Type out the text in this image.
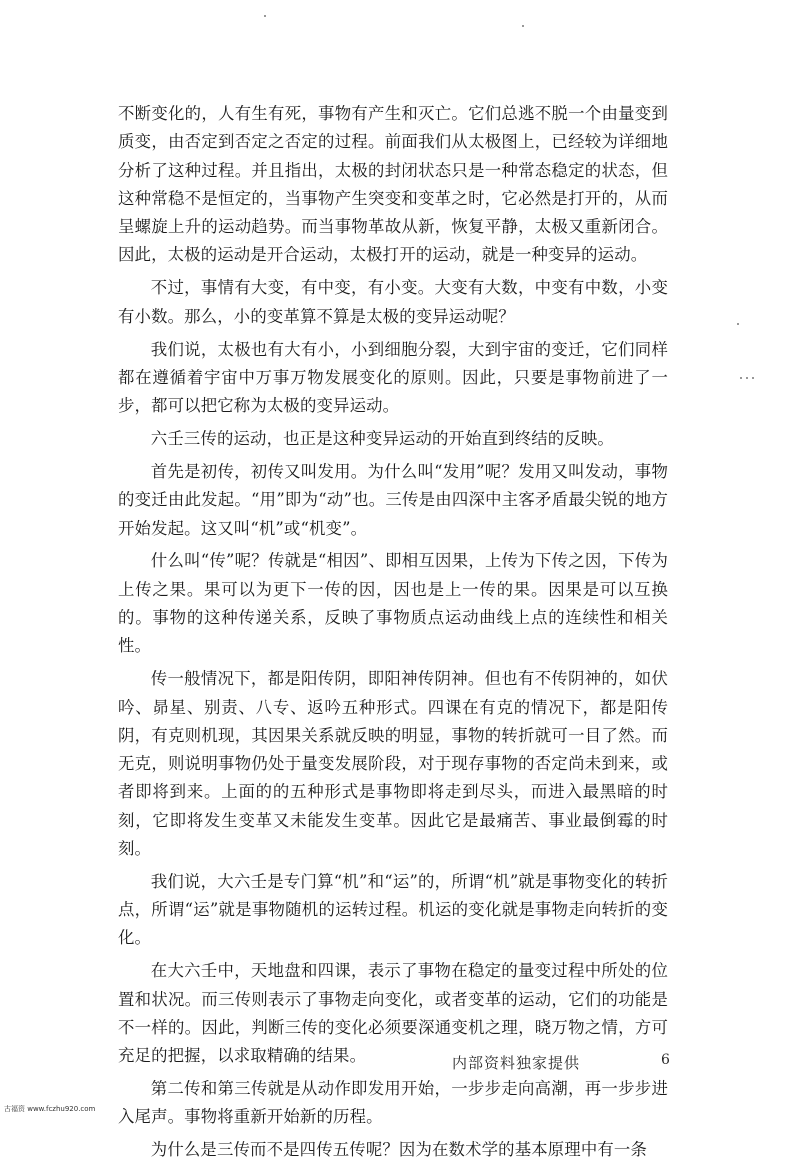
不断变化的，人有生有死，事物有产生和灭亡。它们总逃不脱一个由量变到质变，由否定到否定之否定的过程。前面我们从太极图上，已经较为详细地分析了这种过程。并且指出，太极的封闭状态只是一种常态稳定的状态，但这种常稳不是恒定的，当事物产生突变和变革之时，它必然是打开的，从而呈螺旋上升的运动趋势。而当事物革故从新，恢复平静，太极又重新闭合。因此，太极的运动是开合运动，太极打开的运动，就是一种变异的运动。

不过，事情有大变，有中变，有小变。大变有大数，中变有中数，小变有小数。那么，小的变革算不算是太极的变异运动呢？

我们说，太极也有大有小，小到细胞分裂，大到宇宙的变迁，它们同样都在遵循着宇宙中万事万物发展变化的原则。因此，只要是事物前进了一步，都可以把它称为太极的变异运动。

六壬三传的运动，也正是这种变异运动的开始直到终结的反映。

首先是初传，初传又叫发用。为什么叫“发用”呢？发用又叫发动，事物的变迁由此发起。“用”即为“动”也。三传是由四深中主客矛盾最尖锐的地方开始发起。这又叫“机”或“机变”。

什么叫“传”呢？传就是“相因”、即相互因果，上传为下传之因，下传为上传之果。果可以为更下一传的因，因也是上一传的果。因果是可以互换的。事物的这种传递关系，反映了事物质点运动曲线上点的连续性和相关性。

传一般情况下，都是阳传阴，即阳神传阴神。但也有不传阴神的，如伏吟、昴星、别责、八专、返吟五种形式。四课在有克的情况下，都是阳传阴，有克则机现，其因果关系就反映的明显，事物的转折就可一目了然。而无克，则说明事物仍处于量变发展阶段，对于现存事物的否定尚未到来，或者即将到来。上面的的五种形式是事物即将走到尽头，而进入最黑暗的时刻，它即将发生变革又未能发生变革。因此它是最痛苦、事业最倒霉的时刻。

我们说，大六壬是专门算“机”和“运”的，所谓“机”就是事物变化的转折点，所谓“运”就是事物随机的运转过程。机运的变化就是事物走向转折的变化。

在大六壬中，天地盘和四课，表示了事物在稳定的量变过程中所处的位置和状况。而三传则表示了事物走向变化，或者变革的运动，它们的功能是不一样的。因此，判断三传的变化必须要深通变机之理，晓万物之情，方可充足的把握，以求取精确的结果。

第二传和第三传就是从动作即发用开始，一步步走向高潮，再一步步进入尾声。事物将重新开始新的历程。

为什么是三传而不是四传五传呢？因为在数术学的基本原理中有一条

内部资料独家提供	6
古福资 www.fczhu920.com
